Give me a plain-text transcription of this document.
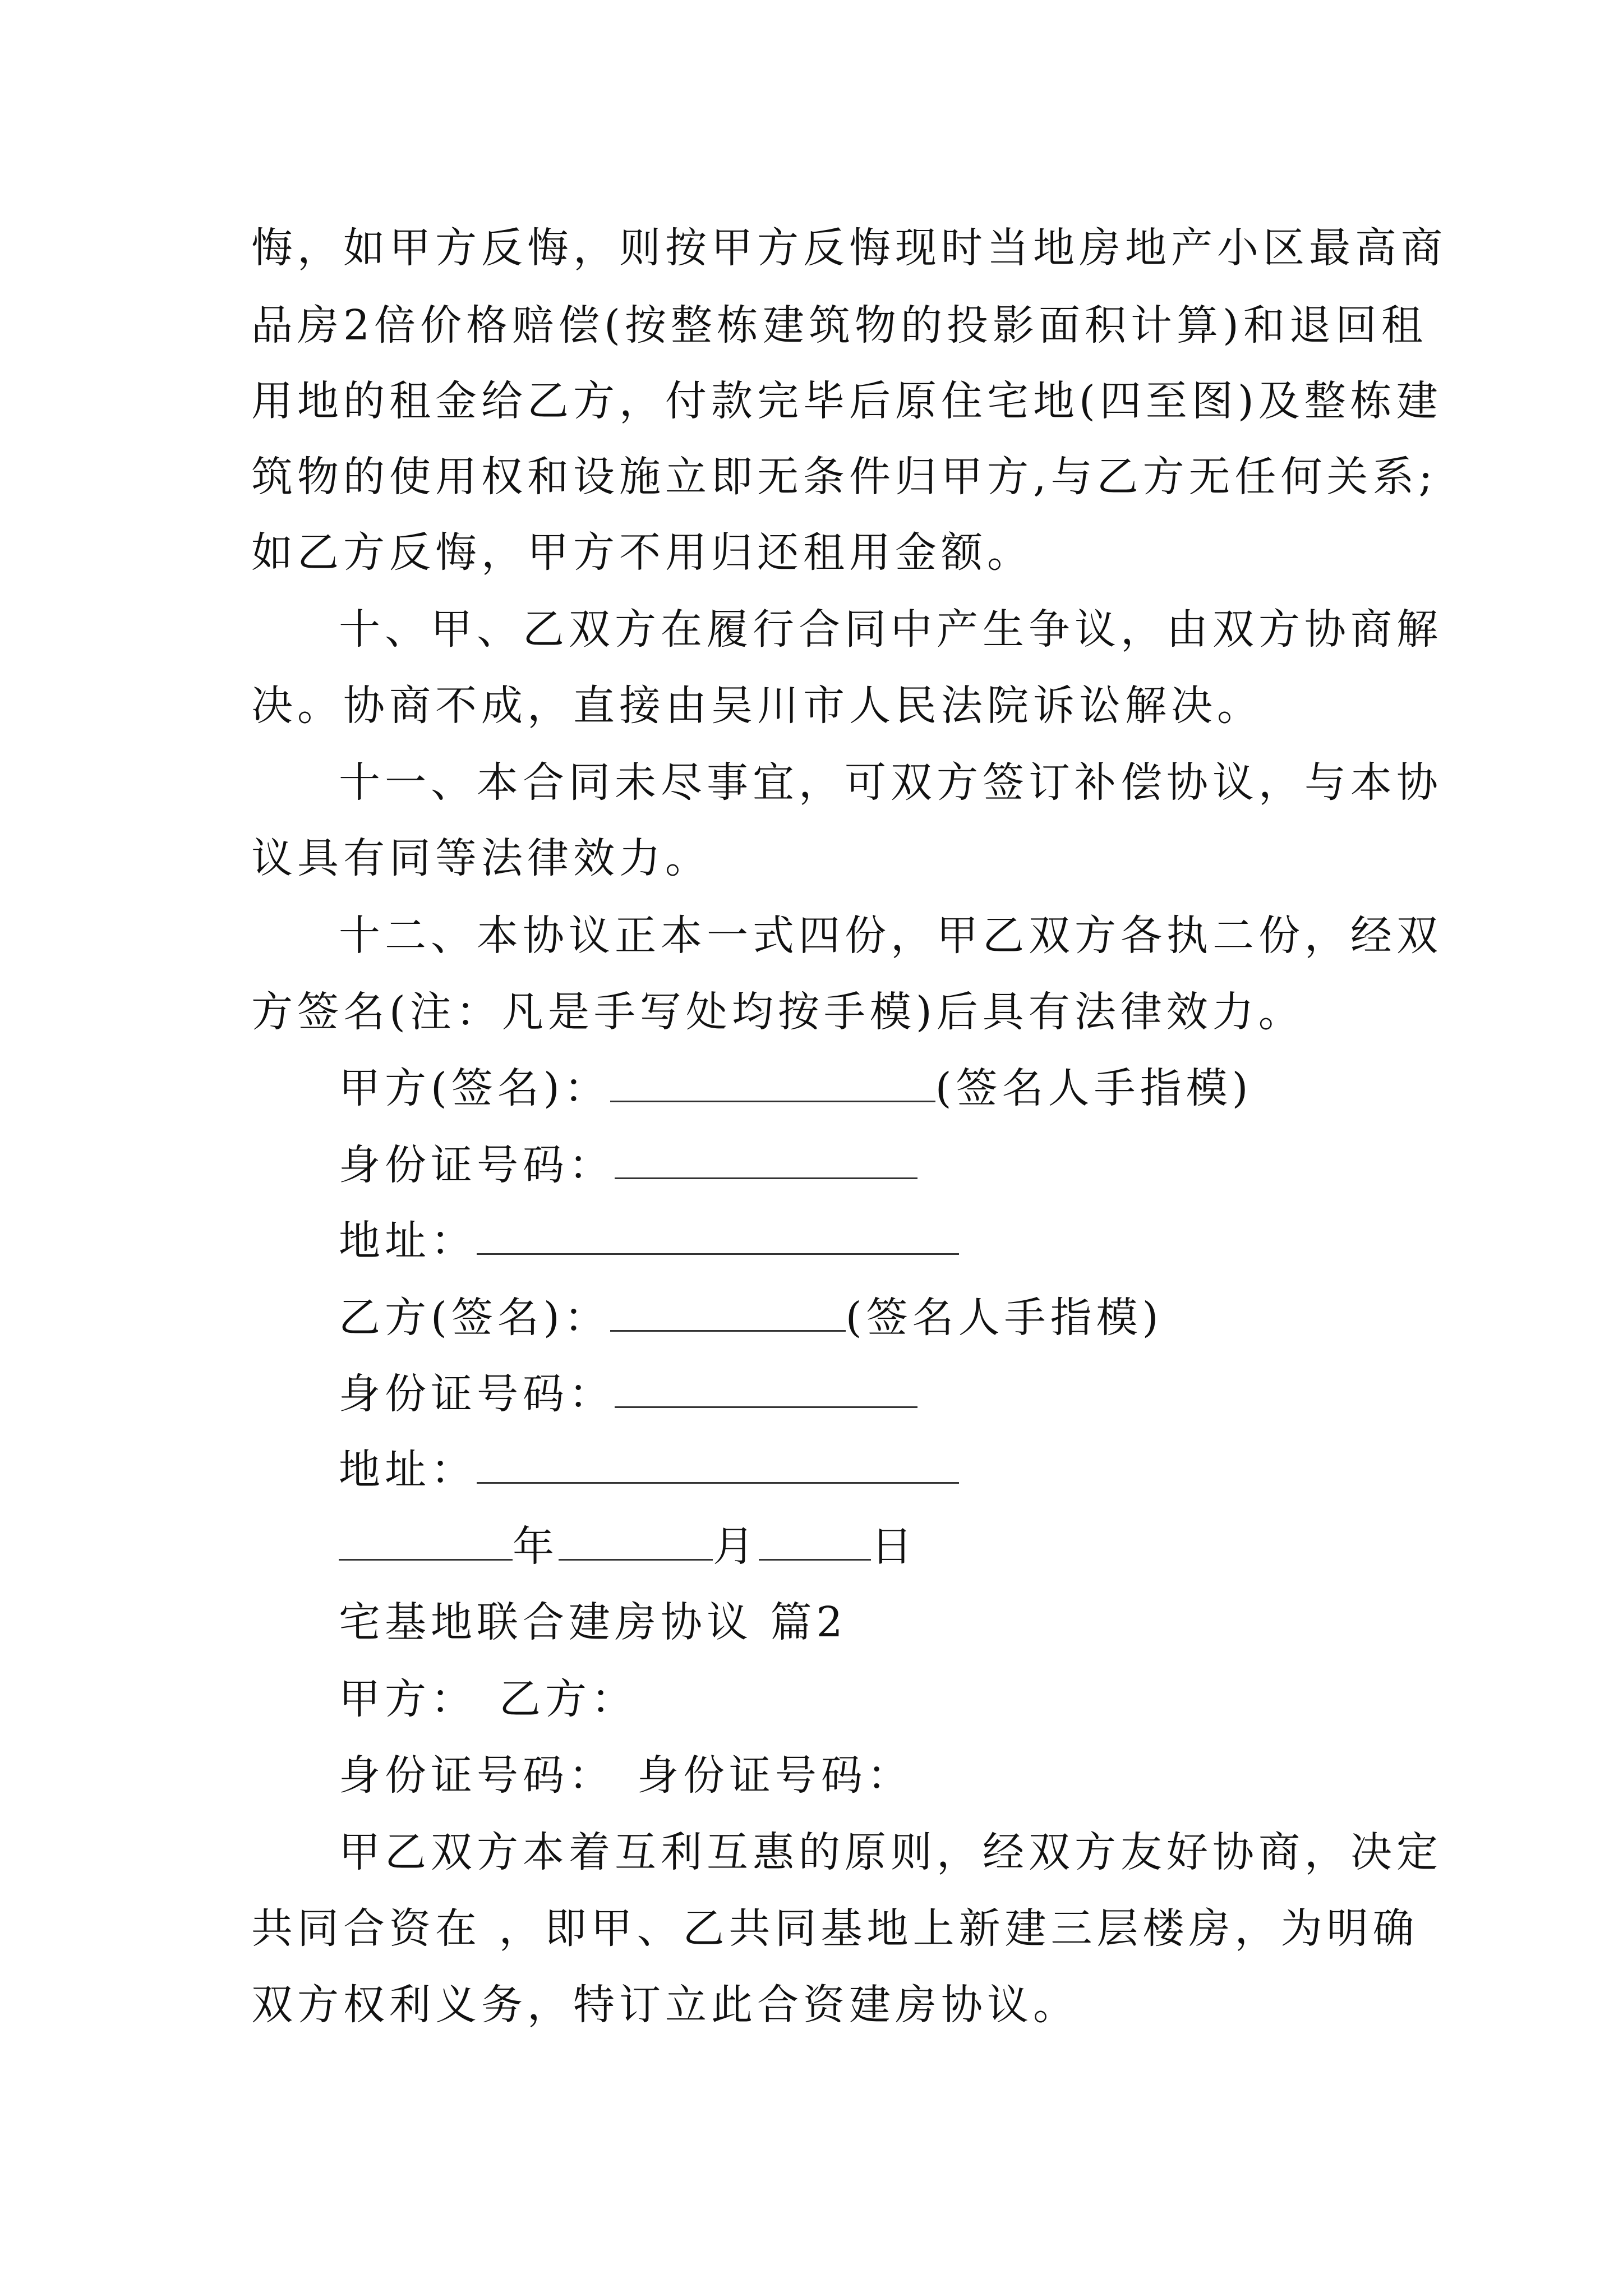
悔，如甲方反悔，则按甲方反悔现时当地房地产小区最高商
品房2倍价格赔偿(按整栋建筑物的投影面积计算)和退回租
用地的租金给乙方，付款完毕后原住宅地(四至图)及整栋建
筑物的使用权和设施立即无条件归甲方,与乙方无任何关系;
如乙方反悔，甲方不用归还租用金额。
十、甲、乙双方在履行合同中产生争议，由双方协商解
决。协商不成，直接由吴川市人民法院诉讼解决。
十一、本合同未尽事宜，可双方签订补偿协议，与本协
议具有同等法律效力。
十二、本协议正本一式四份，甲乙双方各执二份，经双
方签名(注：凡是手写处均按手模)后具有法律效力。
甲方(签名)：	(签名人手指模)
身份证号码：
地址：
乙方(签名)：	(签名人手指模)
身份证号码：
地址：
年	月	日
宅基地联合建房协议 篇2
甲方： 乙方：
身份证号码： 身份证号码：
甲乙双方本着互利互惠的原则，经双方友好协商，决定
共同合资在 ，即甲、乙共同基地上新建三层楼房，为明确
双方权利义务，特订立此合资建房协议。
